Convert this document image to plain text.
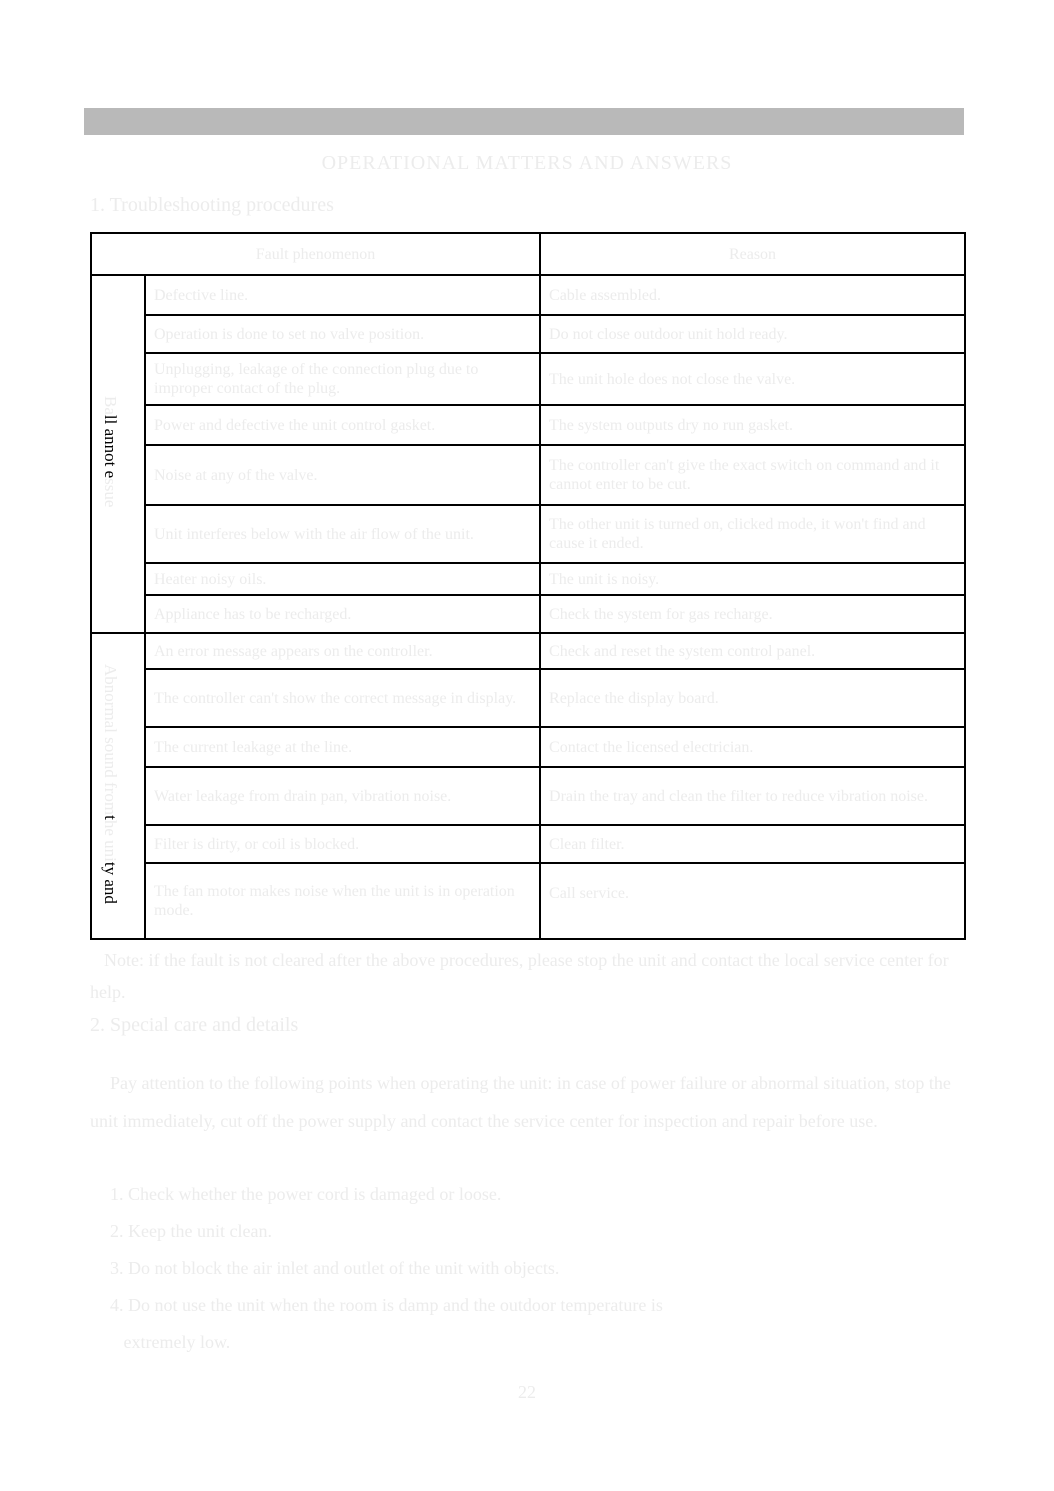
OPERATIONAL MATTERS AND ANSWERS
1. Troubleshooting procedures
Fault phenomenon		Reason
Ball annot essue	Defective line.	Cable assembled.
	Operation is done to set no valve position.	Do not close outdoor unit hold ready.
	Unplugging, leakage of the connection plug due to improper contact of the plug.	The unit hole does not close the valve.
	Power and defective the unit control gasket.	The system outputs dry no run gasket.
	Noise at any of the valve.	The controller can't give the exact switch on command and it cannot enter to be cut.
	Unit interferes below with the air flow of the unit.	The other unit is turned on, clicked mode, it won't find and cause it ended.
	Heater noisy oils.	The unit is noisy.
	Appliance has to be recharged.	Check the system for gas recharge.
Abnormal sound fromthe unity and	An error message appears on the controller.	Check and reset the system control panel.
	The controller can't show the correct message in display.	Replace the display board.
	The current leakage at the line.	Contact the licensed electrician.
	Water leakage from drain pan, vibration noise.	Drain the tray and clean the filter to reduce vibration noise.
	Filter is dirty, or coil is blocked.	Clean filter.
	The fan motor makes noise when the unit is in operation mode.	Call service.
Note: if the fault is not cleared after the above procedures, please stop the unit and contact the local service center for help.
2. Special care and details
Pay attention to the following points when operating the unit: in case of power failure or abnormal situation, stop the unit immediately, cut off the power supply and contact the service center for inspection and repair before use.
1. Check whether the power cord is damaged or loose.
2. Keep the unit clean.
3. Do not block the air inlet and outlet of the unit with objects.
4. Do not use the unit when the room is damp and the outdoor temperature is
extremely low.
22
